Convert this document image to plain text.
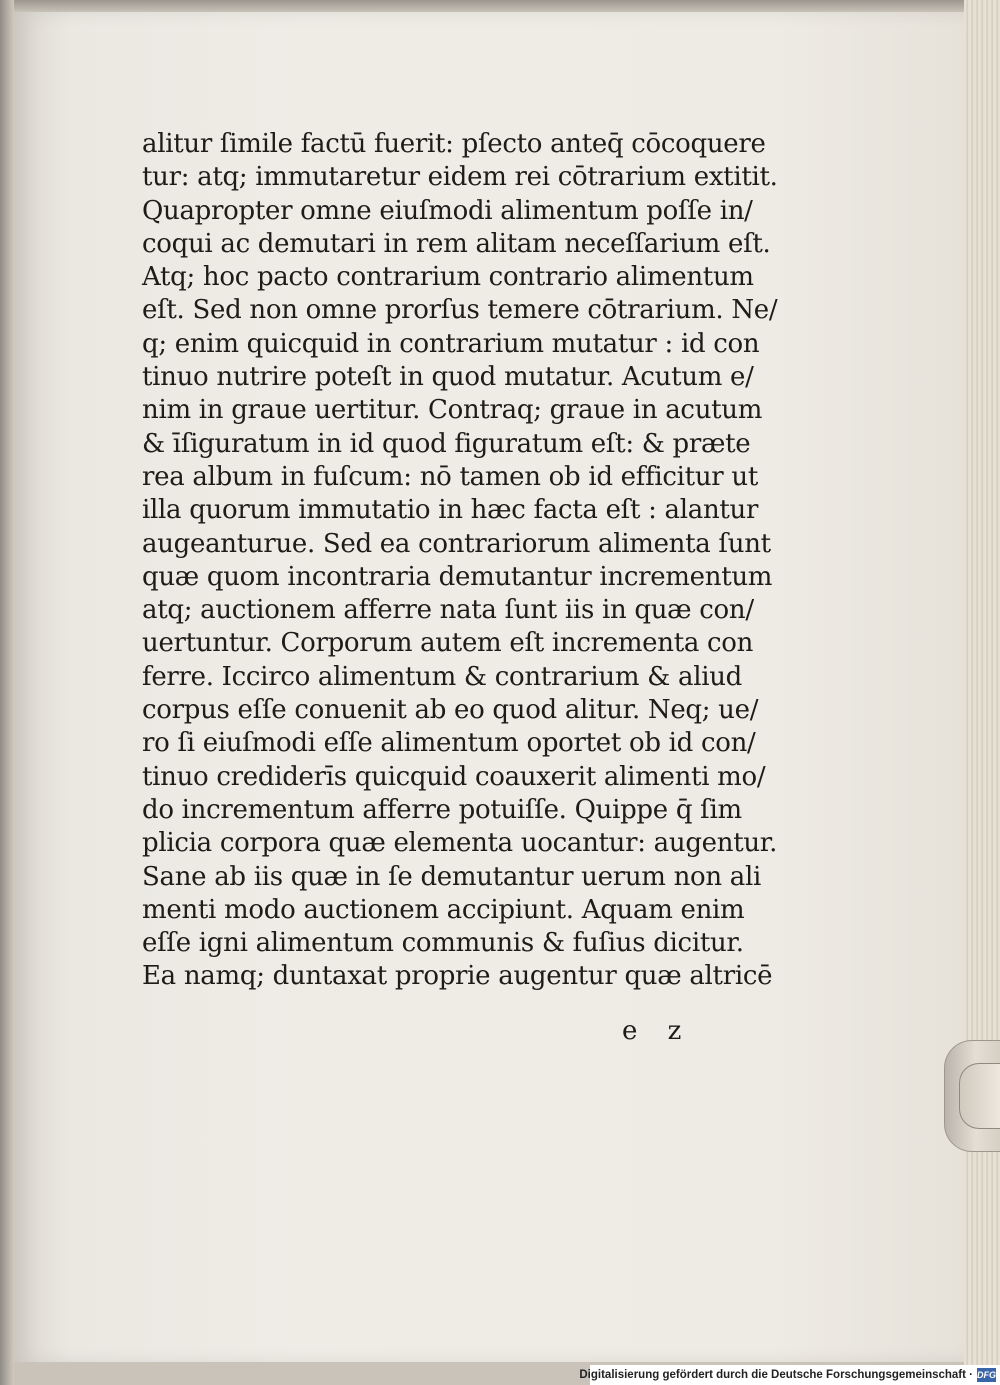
alitur ſimile factū fuerit: pſecto anteq̄ cōcoquere
tur: atq; immutaretur eidem rei cōtrarium extitit.
Quapropter omne eiuſmodi alimentum poſſe in/
coqui ac demutari in rem alitam neceſſarium eſt.
Atq; hoc pacto contrarium contrario alimentum
eſt. Sed non omne prorſus temere cōtrarium. Ne/
q; enim quicquid in contrarium mutatur : id con
tinuo nutrire poteſt in quod mutatur. Acutum e/
nim in graue uertitur. Contraq; graue in acutum
& īſiguratum in id quod figuratum eſt: & præte
rea album in fuſcum: nō tamen ob id efficitur ut
illa quorum immutatio in hæc facta eſt : alantur
augeanturue. Sed ea contrariorum alimenta ſunt
quæ quom incontraria demutantur incrementum
atq; auctionem afferre nata ſunt iis in quæ con/
uertuntur. Corporum autem eſt incrementa con
ferre. Iccirco alimentum & contrarium & aliud
corpus eſſe conuenit ab eo quod alitur. Neq; ue/
ro ſi eiuſmodi eſſe alimentum oportet ob id con/
tinuo crediderīs quicquid coauxerit alimenti mo/
do incrementum afferre potuiſſe. Quippe q̄ ſim
plicia corpora quæ elementa uocantur: augentur.
Sane ab iis quæ in ſe demutantur uerum non ali
menti modo auctionem accipiunt. Aquam enim
eſſe igni alimentum communis & fuſius dicitur.
Ea namq; duntaxat proprie augentur quæ altricē
e z
Digitalisierung gefördert durch die Deutsche Forschungsgemeinschaft · DFG
